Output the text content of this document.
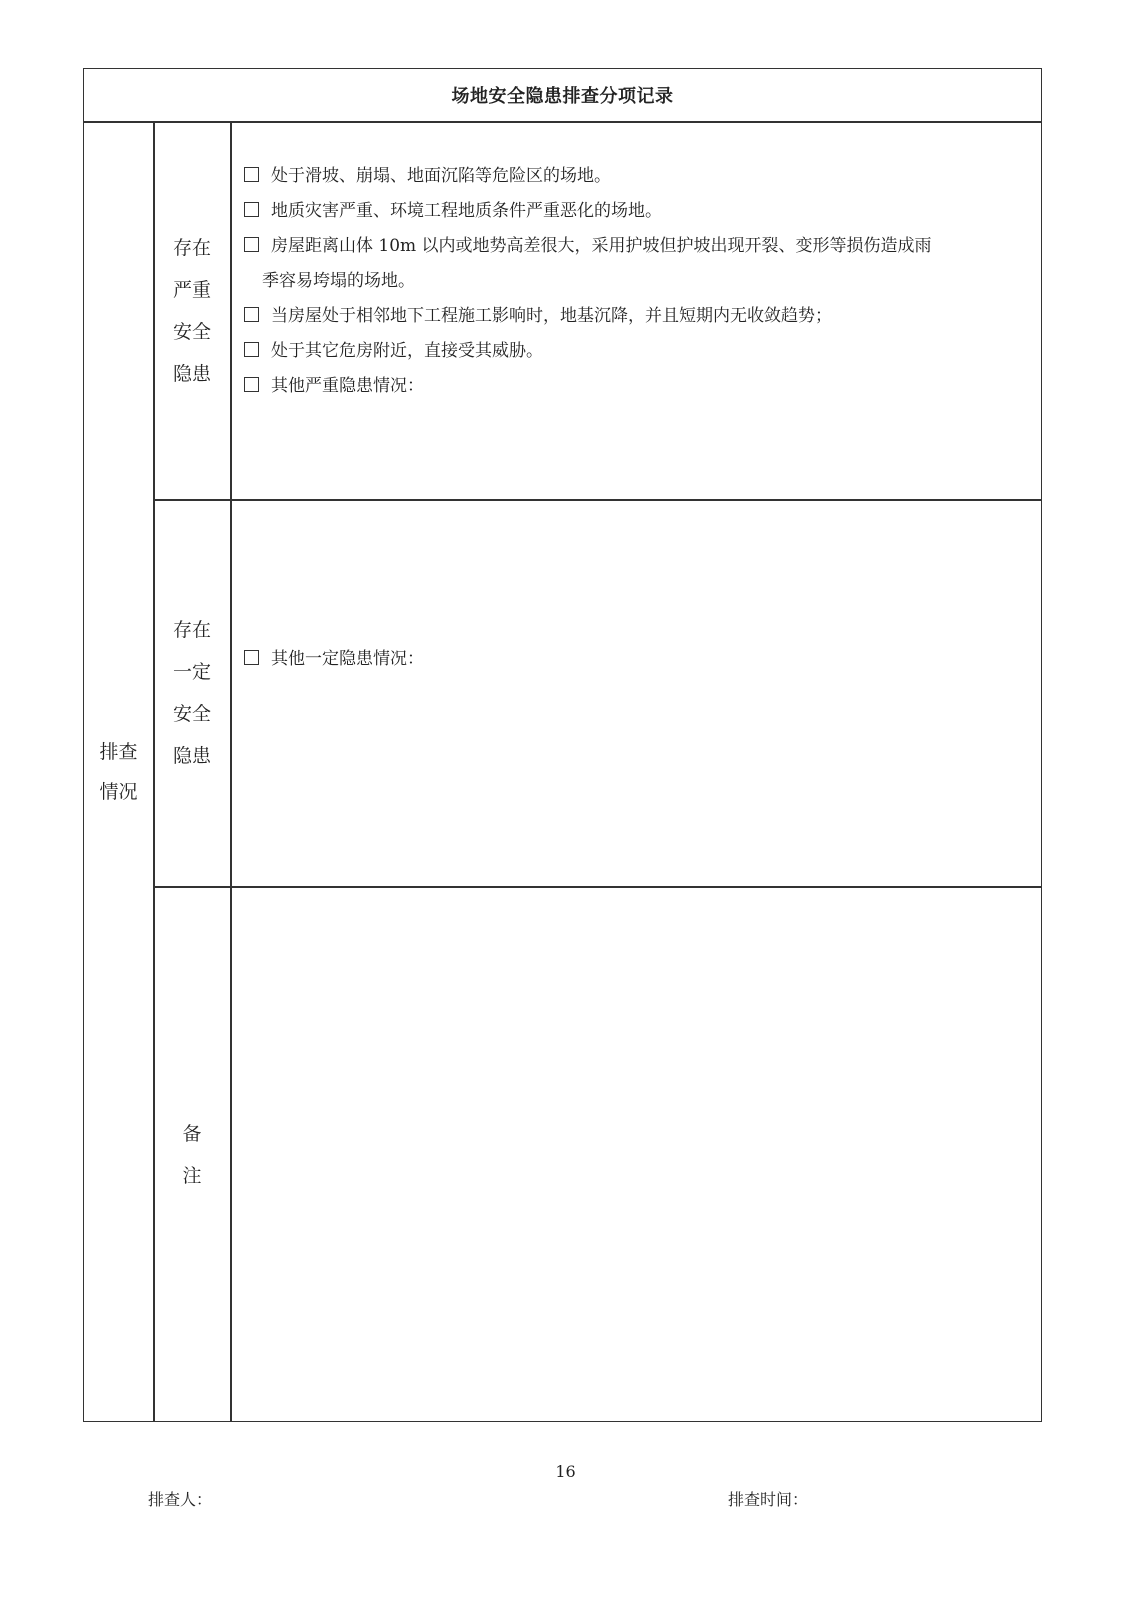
场地安全隐患排查分项记录
排查
情况
存在
严重
安全
隐患
处于滑坡、崩塌、地面沉陷等危险区的场地。
地质灾害严重、环境工程地质条件严重恶化的场地。
房屋距离山体 10m 以内或地势高差很大，采用护坡但护坡出现开裂、变形等损伤造成雨
季容易垮塌的场地。
当房屋处于相邻地下工程施工影响时，地基沉降，并且短期内无收敛趋势；
处于其它危房附近，直接受其威胁。
其他严重隐患情况：
存在
一定
安全
隐患
其他一定隐患情况：
备
注
16
排查人：	排查时间：
